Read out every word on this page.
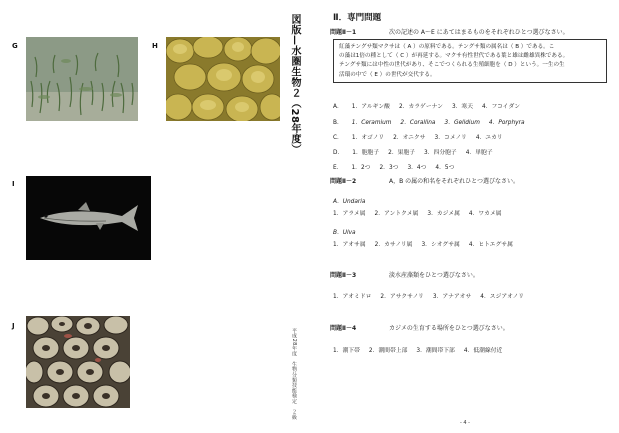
G	H
I
J
図版—水圏生物２（28年度）
平成28年度　生物分類技能検定　２級
Ⅱ．専門問題
問題Ⅱ－1	次の記述の A～E にあてはまるものをそれぞれひとつ選びなさい。
紅藻テングサ類マクサは（ A ）の原料である。テングサ類の属名は（ B ）である。こ
の藻は1倍の種として（ C ）が再延する。マクサ有性世代である葉と雄は雌雄異株である。
テングサ類には中性の世代があり、そこでつくられる生殖細胞を（ D ）という。一生の生
活環の中で（ E ）の世代が交代する。
A． 1．アルギン酸 2．カラゲーナン 3．寒天 4．フコイダン
B． 1．Ceramium 2．Corallina 3．Gelidium 4．Porphyra
C． 1．オゴノリ 2．オニクサ 3．コメノリ 4．ユカリ
D． 1．胞胞子 2．果胞子 3．四分胞子 4．単胞子
E． 1．2つ 2．3つ 3．4つ 4．5つ
問題Ⅱ－2	A，B の属の和名をそれぞれひとつ選びなさい。
A．Undaria
1．アラメ属 2．アントクメ属 3．カジメ属 4．ワカメ属
B．Ulva
1．アオサ属 2．カサノリ属 3．シオグサ属 4．ヒトエグサ属
問題Ⅱ－3	淡水産藻類をひとつ選びなさい。
1．アオミドロ 2．アサクサノリ 3．アナアオサ 4．スジアオノリ
問題Ⅱ－4	カジメの生育する場所をひとつ選びなさい。
1．潮下帯 2．潮間帯上部 3．潮間帯下部 4．低潮線付近
- 4 -
